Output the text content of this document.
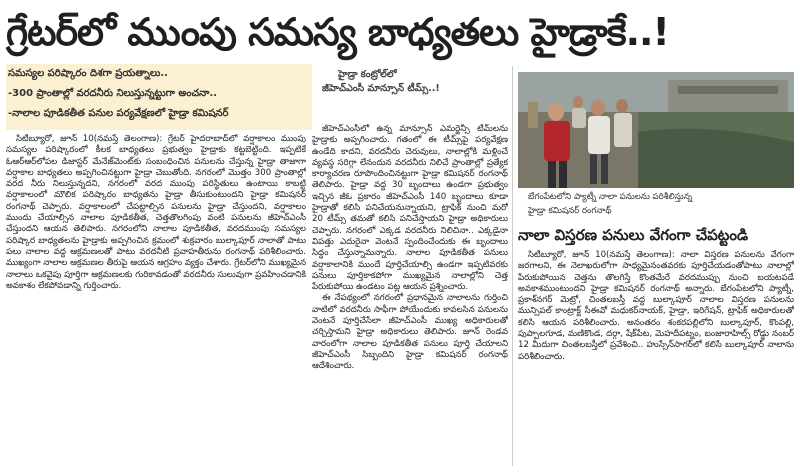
గ్రేటర్‌లో ముంపు సమస్య బాధ్యతలు హైడ్రాకే..!
సమస్యల పరిష్కారం దిశగా ప్రయత్నాలు..
-300 ప్రాంతాల్లో వరదనీరు నిలుస్తున్నట్టుగా అంచనా..
-నాలాల పూడికతీత పనుల పర్యవేక్షణలో హైడ్రా కమిషనర్
హైడ్రా కంట్రోల్‌లో
జీహెచ్‌ఎంసీ మాన్సూన్ టీమ్స్..!

సిటీబ్యూరో, జూన్ 10(నమస్తే తెలంగాణ): గ్రేటర్ హైదరాబాద్‌లో వర్షాకాలం ముంపు సమస్యల పరిష్కారంలో కీలక బాధ్యతలు ప్రభుత్వం హైడ్రాకు కట్టబెట్టింది. ఇప్పటికే ఓఆర్‌ఆర్‌లోపల డిజాస్టర్ మేనేజ్‌మెంట్‌కు సంబంధించిన పనులను చేస్తున్న హైడ్రా తాజాగా వర్షాకాల బాధ్యతలు అప్పగించినట్టుగా హైడ్రా చెబుతోంది. నగరంలో మొత్తం 300 ప్రాంతాల్లో వరద నీరు నిలుస్తున్నదని, నగరంలో వరద ముంపు పరిస్థితులు ఉంటాయి కాబట్టి వర్షాకాలంలో మౌలిక పరిష్కారం బాధ్యతను హైడ్రా తీసుకుంటుందని హైడ్రా కమిషనర్ రంగనాథ్ చెప్పారు. వర్షాకాలంలో చేపట్టాల్సిన పనులను హైడ్రా చేస్తుందని, వర్షాకాలం ముందు చేయాల్సిన నాలాల పూడికతీత, చెత్తతొలగింపు వంటి పనులను జీహెచ్‌ఎంసీ చేస్తుందని ఆయన తెలిపారు. నగరంలోని నాలాల పూడికతీత, వరదముంపు సమస్యల పరిష్కార బాధ్యతలను హైడ్రాకు అప్పగించిన క్రమంలో శుక్రవారం బుల్కాపూర్ నాలాతో పాటు పలు నాలాల వద్ద ఆక్రమణలతో పాటు వరదనీటి ప్రవాహతీరును రంగనాథ్ పరిశీలించారు. ముఖ్యంగా నాలాల ఆక్రమణల తీరుపై ఆయన ఆగ్రహం వ్యక్తం చేశారు. గ్రేటర్‌లోని ముఖ్యమైన నాలాలు ఒకవైపు పూర్తిగా ఆక్రమణలకు గురికావడంతో వరదనీరు సులువుగా ప్రవహించడానికి అవకాశం లేకపోవడాన్ని గుర్తించారు.

జీహెచ్‌ఎంసీలో ఉన్న మాన్సూన్ ఎమర్జెన్సీ టీమ్‌లను హైడ్రాకు అప్పగించారు. గతంలో ఈ టీమ్స్‌పై పర్యవేక్షణ ఉండేది కాదని, వరదనీరు చెరువులు, నాలాల్లోకి మళ్లించే వ్యవస్థ సరిగ్గా లేనందున వరదనీరు నిలిచే ప్రాంతాల్లో ప్రత్యేక కార్యాచరణ రూపొందించినట్టుగా హైడ్రా కమిషనర్ రంగనాథ్ తెలిపారు. హైడ్రా వద్ద 30 బృందాలు ఉండగా ప్రభుత్వం ఇచ్చిన జీఓ ప్రకారం జీహెచ్‌ఎంసీ 140 బృందాలు కూడా హైడ్రాతో కలిసి పనిచేయనున్నాయని, ట్రాఫిక్ నుంచి మరో 20 టీమ్స్ తమతో కలిసి పనిచేస్తాయని హైడ్రా అధికారులు చెప్పారు. నగరంలో ఎక్కడ వరదనీరు నిలిచినా.. ఎక్కడైనా విపత్తు ఎదురైనా వెంటనే స్పందించేందుకు ఈ బృందాలు సిద్ధం చేస్తున్నామన్నారు. నాలాల పూడికతీత పనులు వర్షాకాలానికి ముందే పూర్తిచేయాల్సి ఉండగా ఇప్పటివరకు పనులు పూర్తికాకపోగా ముఖ్యమైన నాలాల్లోని చెత్త పేరుకుపోయి ఉండటం పట్ల ఆయన ప్రశ్నించారు.

ఈ నేపథ్యంలో నగరంలో ప్రధానమైన నాలాలను గుర్తించి వాటిలో వరదనీరు సాఫీగా పోయేందుకు కావలసిన పనులను వెంటనే పూర్తిచేసేలా జీహెచ్‌ఎంసీ ముఖ్య అధికారులతో చర్చిస్తామని హైడ్రా అధికారులు తెలిపారు. జూన్ రెండవ వారంలోగా నాలాల పూడికతీత పనులు పూర్తి చేయాలని జీహెచ్‌ఎంసీ సిబ్బందిని హైడ్రా కమిషనర్ రంగనాథ్ ఆదేశించారు.

బేగంపేటలోని ప్యాట్నీ నాలా పనులను పరిశీలిస్తున్న
హైడ్రా కమిషనర్ రంగనాథ్
నాలా విస్తరణ పనులు వేగంగా చేపట్టండి

సిటీబ్యూరో, జూన్ 10(నమస్తే తెలంగాణ): నాలా విస్తరణ పనులను వేగంగా జరగాలని, ఈ నెలాఖరులోగా సాధ్యమైనంతవరకు పూర్తిచేయడంతోపాటు నాలాల్లో పేరుకుపోయిన చెత్తను తొలగిస్తే కొంతమేరే వరదముప్పు నుంచి బయటపడే అవకాశముంటుందని హైడ్రా కమిషనర్ రంగనాథ్ అన్నారు. బేగంపేటలోని ప్యాట్నీ, ప్రకాశ్‌నగర్ మెట్రో, చింతలబస్తీ వద్ద బుల్కాపూర్ నాలాల విస్తరణ పనులను మున్సిపల్ కాంట్రాక్ట్ సీఈవో మధుకర్‌నాయక్, హైడ్రా, ఇరిగేషన్, ట్రాఫిక్ అధికారులతో కలిసి ఆయన పరిశీలించారు. అనంతరం శంకరపల్లిలోని బుల్కాపూర్, కొంపల్లి, పుప్పాలగూడ, మణికొండ, దర్గా, షేక్‌పేట, మెహదీపట్నం, బంజారాహిల్స్ రోడ్డు నంబర్ 12 మీదుగా చింతలబస్తీలో ప్రవేశించి.. హుస్సేన్‌సాగర్‌లో కలిసే బుల్కాపూర్ నాలాను పరిశీలించారు.
